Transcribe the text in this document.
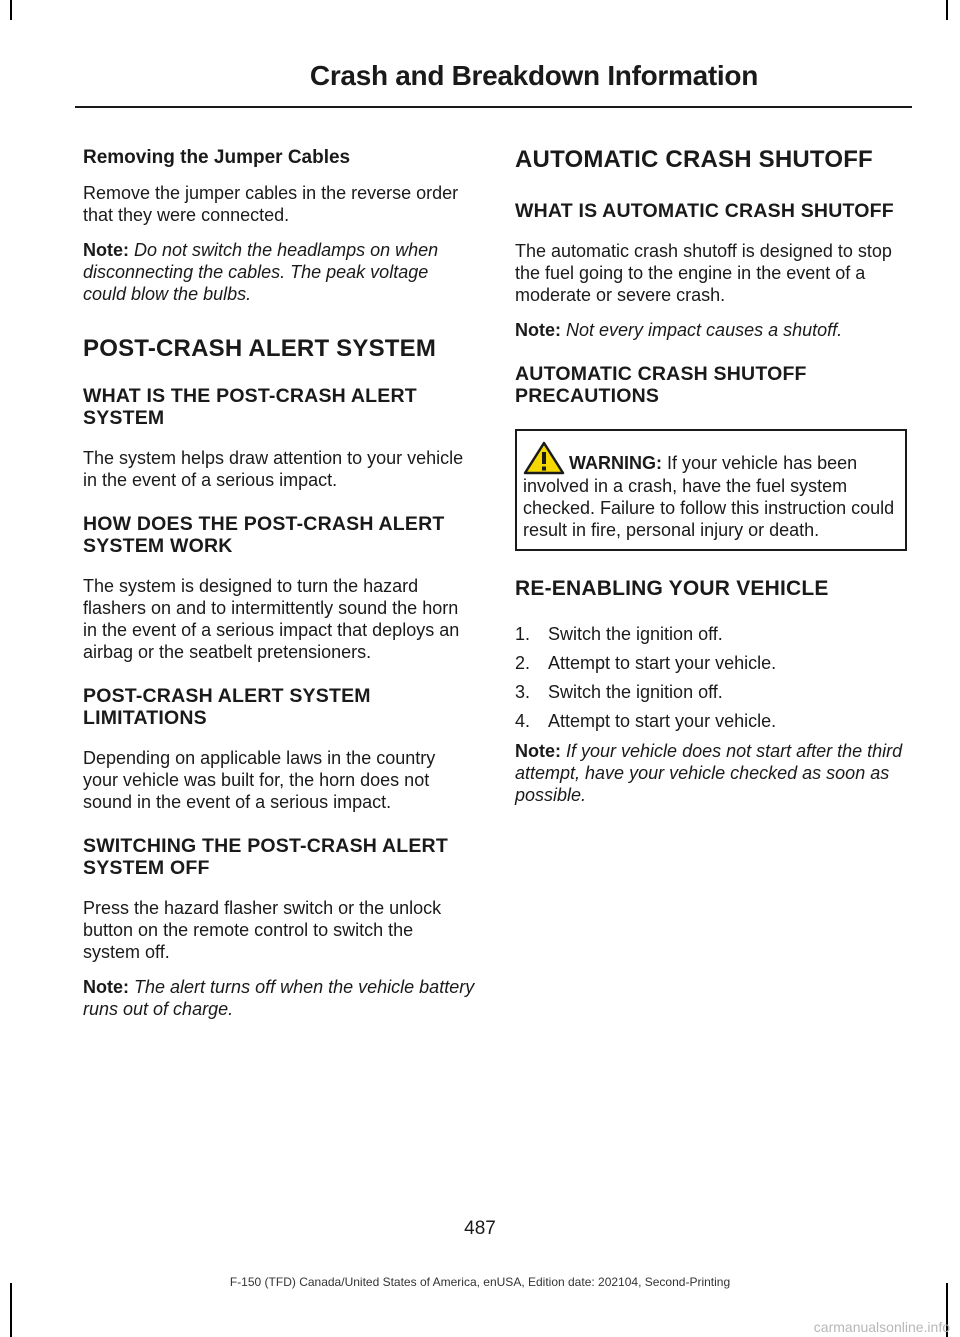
Crash and Breakdown Information
Removing the Jumper Cables

Remove the jumper cables in the reverse order that they were connected.

Note: Do not switch the headlamps on when disconnecting the cables. The peak voltage could blow the bulbs.

POST-CRASH ALERT SYSTEM
WHAT IS THE POST-CRASH ALERT SYSTEM

The system helps draw attention to your vehicle in the event of a serious impact.

HOW DOES THE POST-CRASH ALERT SYSTEM WORK

The system is designed to turn the hazard flashers on and to intermittently sound the horn in the event of a serious impact that deploys an airbag or the seatbelt pretensioners.

POST-CRASH ALERT SYSTEM LIMITATIONS

Depending on applicable laws in the country your vehicle was built for, the horn does not sound in the event of a serious impact.

SWITCHING THE POST-CRASH ALERT SYSTEM OFF

Press the hazard flasher switch or the unlock button on the remote control to switch the system off.

Note: The alert turns off when the vehicle battery runs out of charge.

AUTOMATIC CRASH SHUTOFF
WHAT IS AUTOMATIC CRASH SHUTOFF

The automatic crash shutoff is designed to stop the fuel going to the engine in the event of a moderate or severe crash.

Note: Not every impact causes a shutoff.

AUTOMATIC CRASH SHUTOFF PRECAUTIONS

WARNING: If your vehicle has been involved in a crash, have the fuel system checked. Failure to follow this instruction could result in fire, personal injury or death.

RE-ENABLING YOUR VEHICLE
1. Switch the ignition off.
2. Attempt to start your vehicle.
3. Switch the ignition off.
4. Attempt to start your vehicle.

Note: If your vehicle does not start after the third attempt, have your vehicle checked as soon as possible.

487
F-150 (TFD) Canada/United States of America, enUSA, Edition date: 202104, Second-Printing
carmanualsonline.info
